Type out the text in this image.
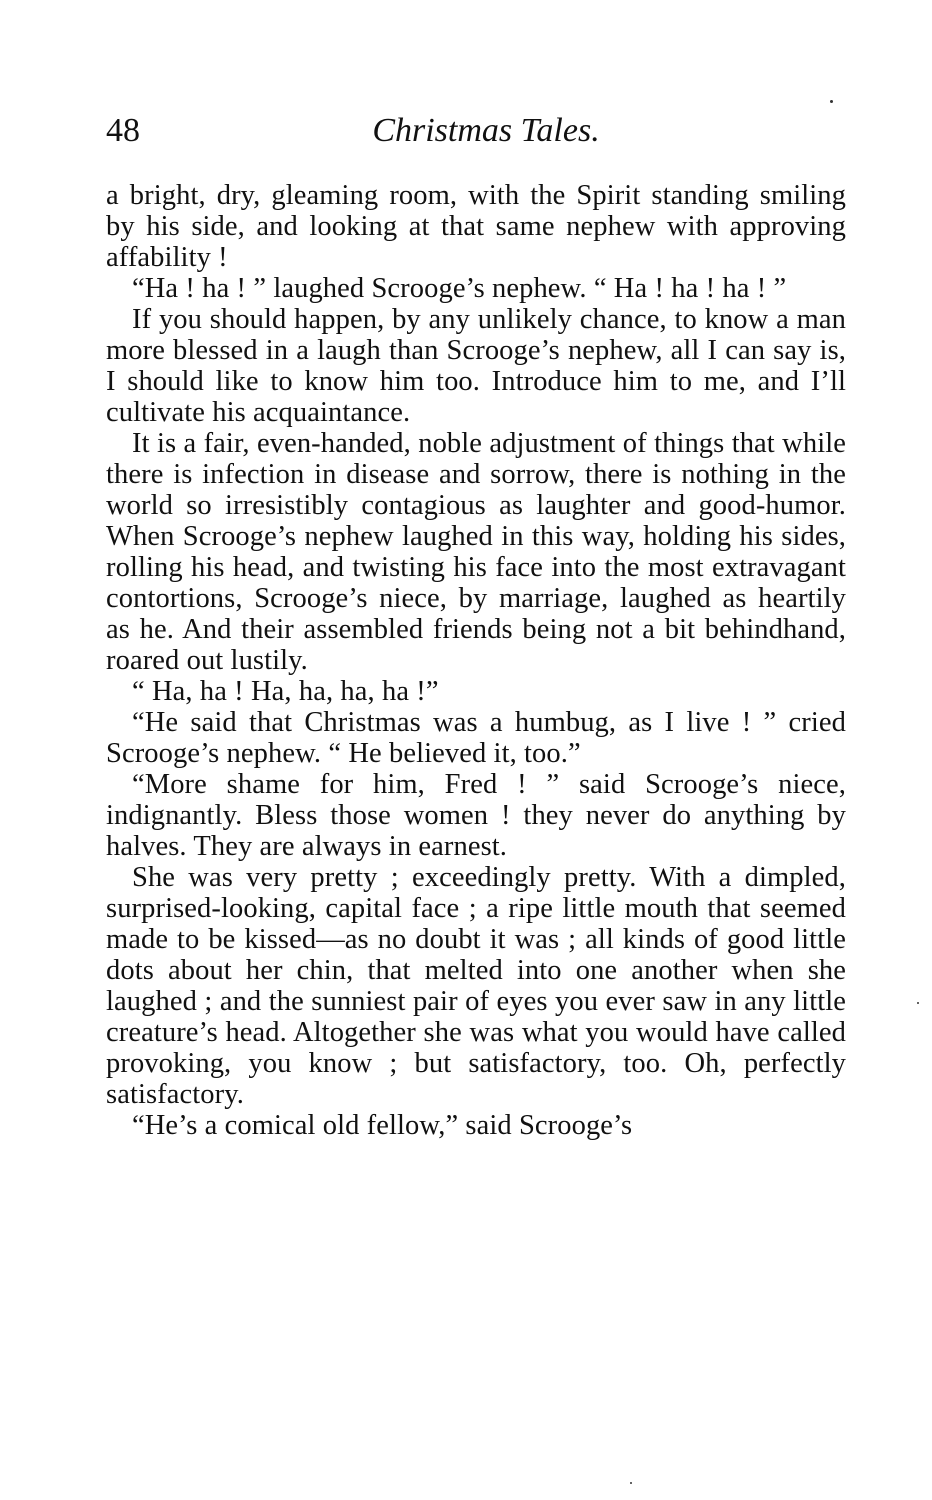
48	Christmas Tales.

a bright, dry, gleaming room, with the Spirit standing smiling by his side, and looking at that same nephew with approving affability !

“Ha ! ha ! ” laughed Scrooge’s nephew. “ Ha ! ha ! ha ! ”

If you should happen, by any unlikely chance, to know a man more blessed in a laugh than Scrooge’s nephew, all I can say is, I should like to know him too. Introduce him to me, and I’ll cultivate his acquaintance.

It is a fair, even-handed, noble adjustment of things that while there is infection in disease and sorrow, there is nothing in the world so irresistibly contagious as laughter and good-humor. When Scrooge’s nephew laughed in this way, holding his sides, rolling his head, and twisting his face into the most extravagant contortions, Scrooge’s niece, by marriage, laughed as heartily as he. And their assembled friends being not a bit behindhand, roared out lustily.

“ Ha, ha ! Ha, ha, ha, ha !”

“He said that Christmas was a humbug, as I live ! ” cried Scrooge’s nephew. “ He believed it, too.”

“More shame for him, Fred ! ” said Scrooge’s niece, indignantly. Bless those women ! they never do anything by halves. They are always in earnest.

She was very pretty ; exceedingly pretty. With a dimpled, surprised-looking, capital face ; a ripe little mouth that seemed made to be kissed—as no doubt it was ; all kinds of good little dots about her chin, that melted into one another when she laughed ; and the sunniest pair of eyes you ever saw in any little creature’s head. Altogether she was what you would have called provoking, you know ; but satisfactory, too. Oh, perfectly satisfactory.

“He’s a comical old fellow,” said Scrooge’s
